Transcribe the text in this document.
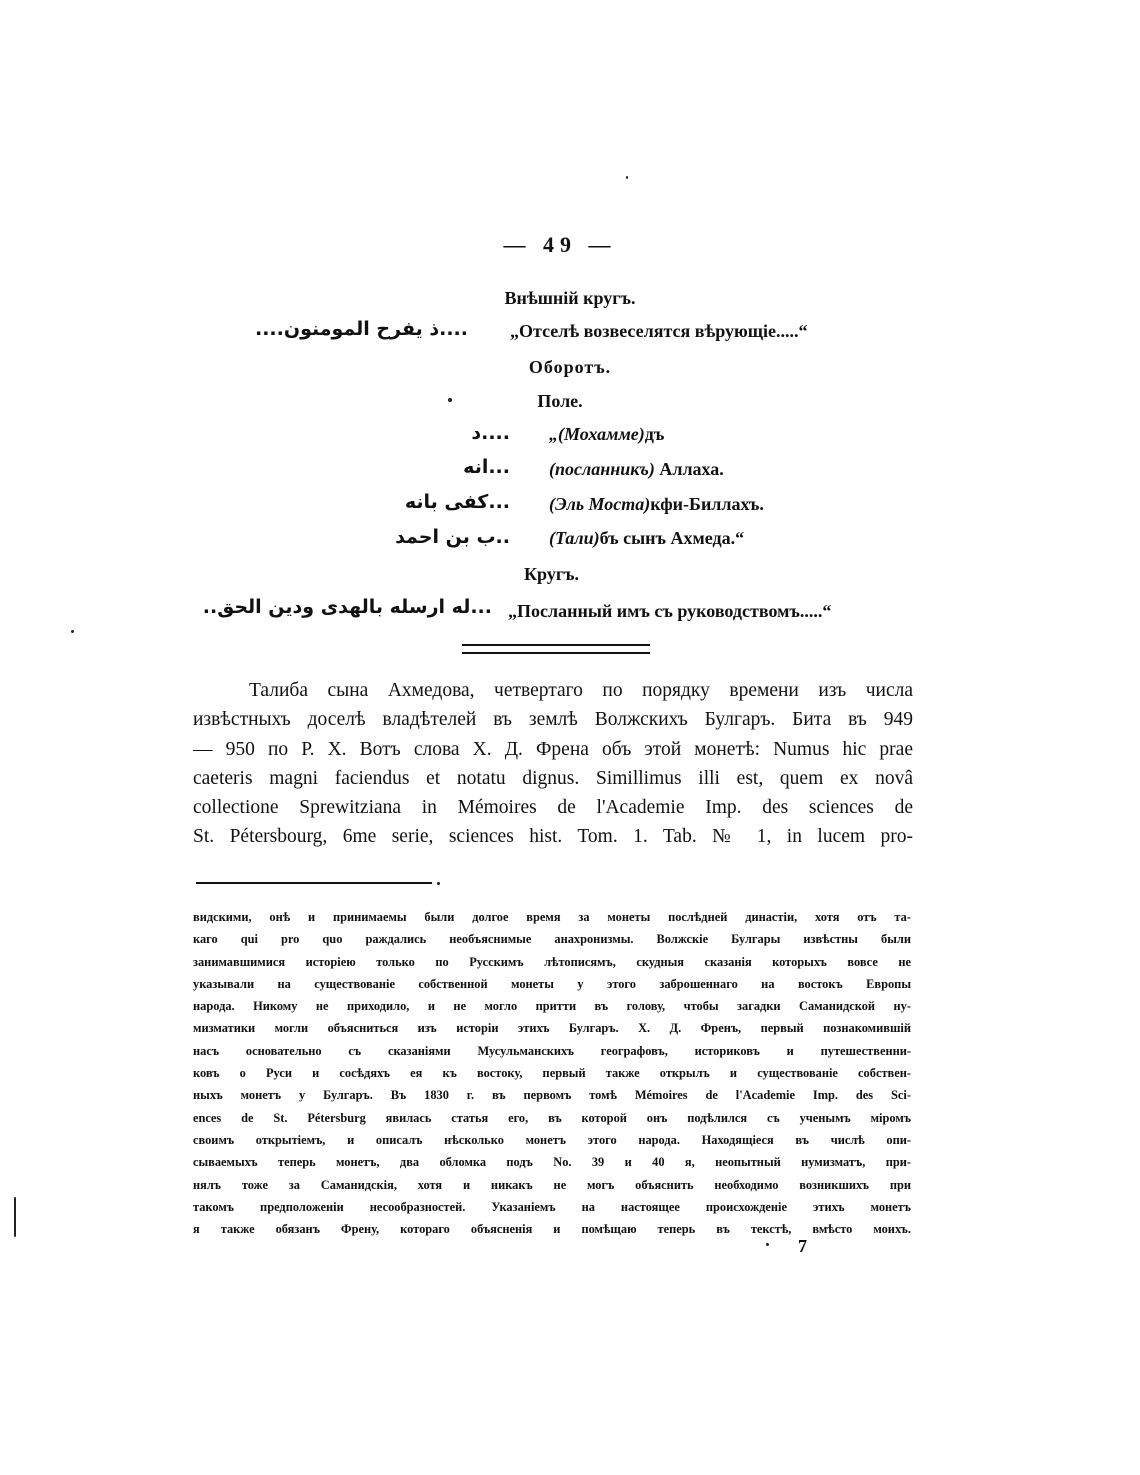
— 49 —
Внѣшній кругъ.
....ذ يفرح المومنون.... „Отселѣ возвеселятся вѣрующіе.....“
Оборотъ.
Поле.
....د „(Мохамме)дъ
...انه (посланникъ) Аллаха.
...كفى بانه (Эль Моста)кфи-Биллахъ.
..ب بن احمد (Тали)бъ сынъ Ахмеда.“
Кругъ.
...له ارسله بالهدى ودين الحق.. „Посланный имъ съ руководствомъ.....“
Талиба сына Ахмедова, четвертаго по порядку времени изъ числа
извѣстныхъ доселѣ владѣтелей въ землѣ Волжскихъ Булгаръ. Бита въ 949
— 950 по Р. Х. Вотъ слова Х. Д. Френа объ этой монетѣ: Numus hic prae
caeteris magni faciendus et notatu dignus. Simillimus illi est, quem ex novâ
collectione Sprewitziana in Mémoires de l'Academie Imp. des sciences de
St. Pétersbourg, 6me serie, sciences hist. Tom. 1. Tab. № 1, in lucem pro-
видскими, онѣ и принимаемы были долгое время за монеты послѣдней династіи, хотя отъ та-
каго qui pro quo раждались необъяснимые анахронизмы. Волжскіе Булгары извѣстны были
занимавшимися исторіею только по Русскимъ лѣтописямъ, скудныя сказанія которыхъ вовсе не
указывали на существованіе собственной монеты у этого заброшеннаго на востокъ Европы
народа. Никому не приходило, и не могло притти въ голову, чтобы загадки Саманидской ну-
мизматики могли объясниться изъ исторіи этихъ Булгаръ. Х. Д. Френъ, первый познакомившій
насъ основательно съ сказаніями Мусульманскихъ географовъ, историковъ и путешественни-
ковъ о Руси и сосѣдяхъ ея къ востоку, первый также открылъ и существованіе собствен-
ныхъ монетъ у Булгаръ. Въ 1830 г. въ первомъ томѣ Mémoires de l'Academie Imp. des Sci-
ences de St. Pétersburg явилась статья его, въ которой онъ подѣлился съ ученымъ міромъ
своимъ открытіемъ, и описалъ нѣсколько монетъ этого народа. Находящіеся въ числѣ опи-
сываемыхъ теперь монетъ, два обломка подъ No. 39 и 40 я, неопытный нумизматъ, при-
нялъ тоже за Саманидскія, хотя и никакъ не могъ объяснить необходимо возникшихъ при
такомъ предположеніи несообразностей. Указаніемъ на настоящее происхожденіе этихъ монетъ
я также обязанъ Френу, котораго объясненія и помѣщаю теперь въ текстѣ, вмѣсто моихъ.
7
